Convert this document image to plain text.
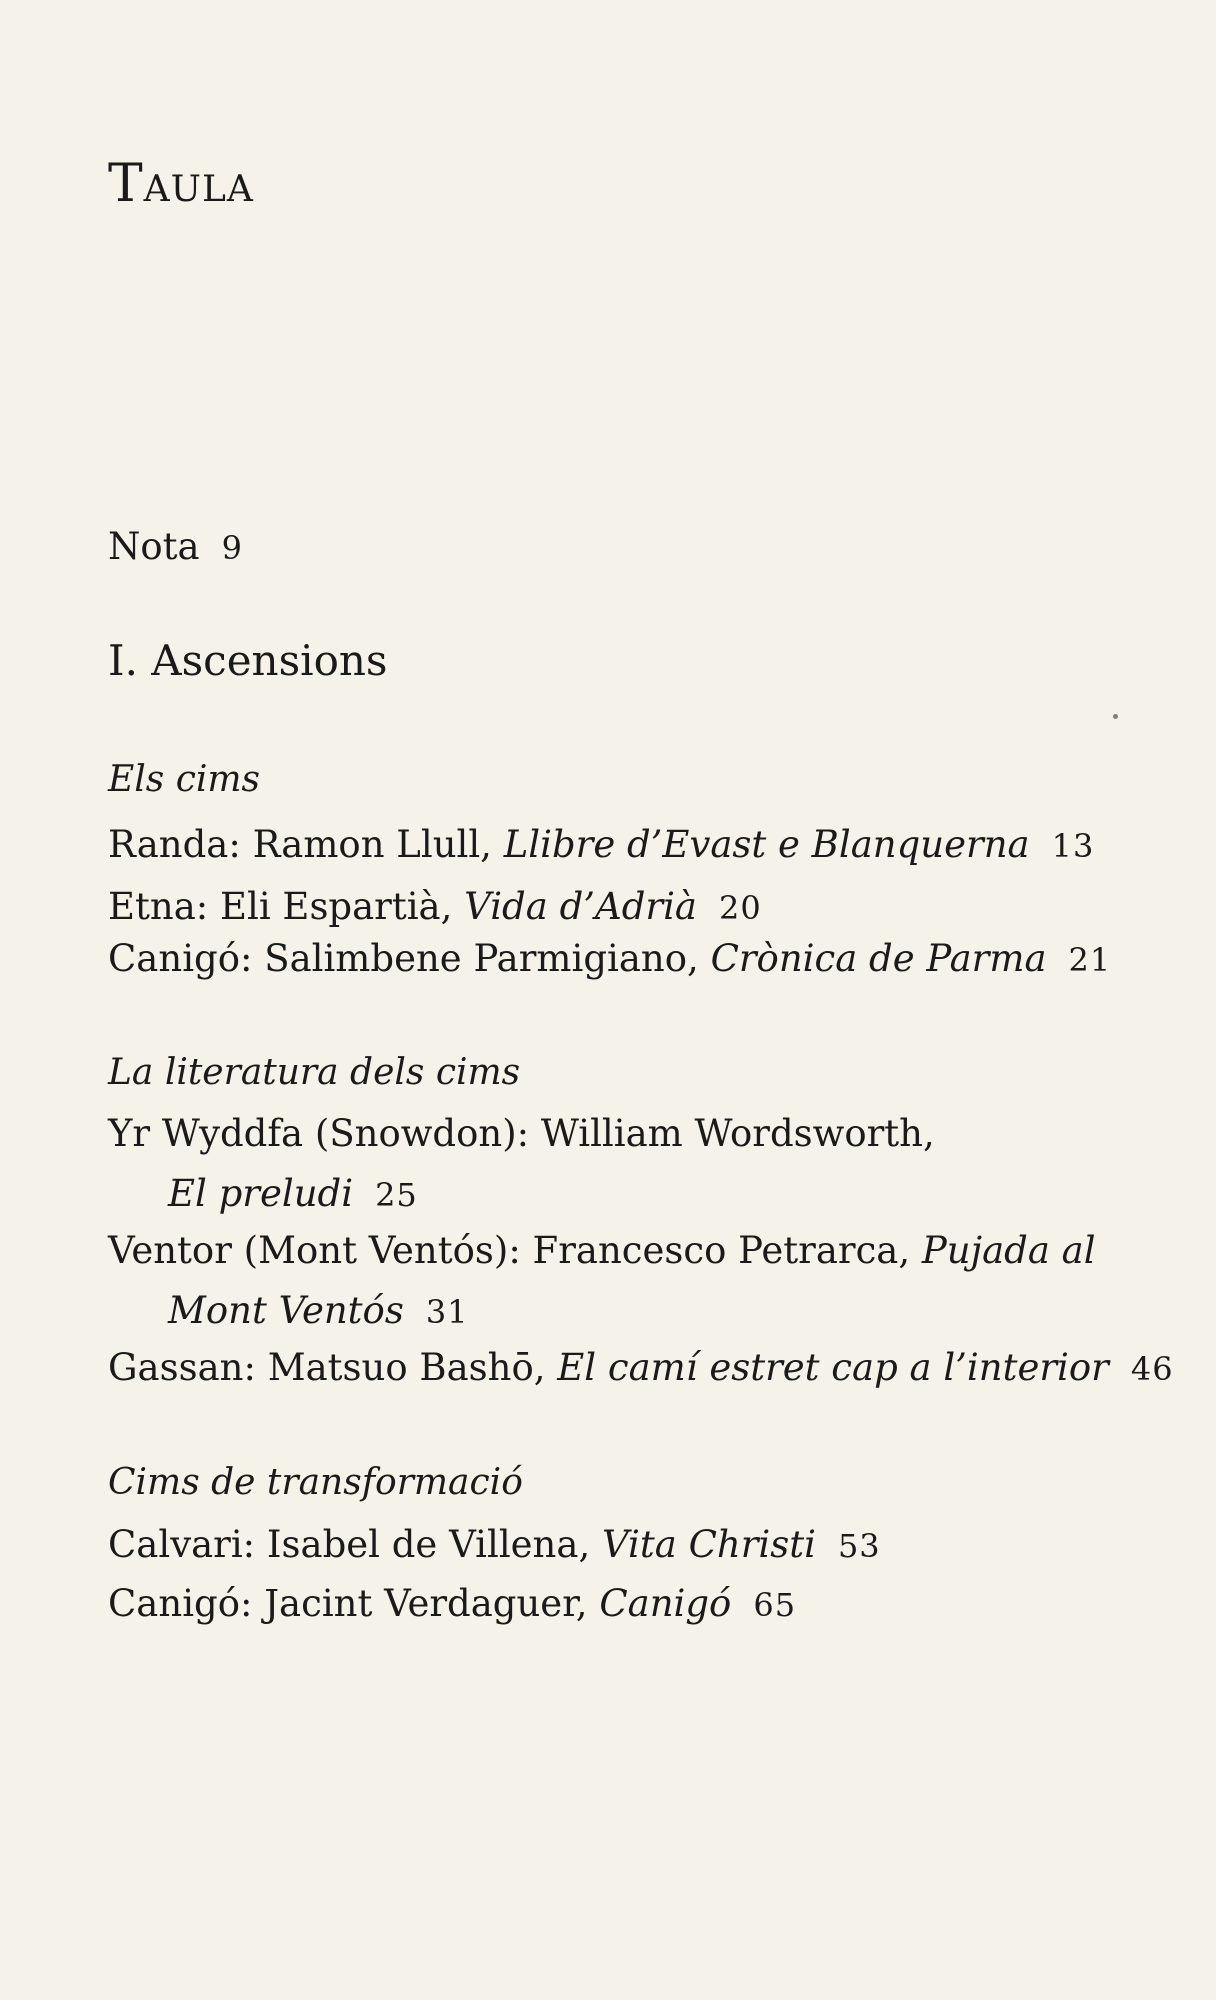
Taula
Nota 9
I. Ascensions
Els cims
Randa: Ramon Llull, Llibre d’Evast e Blanquerna 13
Etna: Eli Espartià, Vida d’Adrià 20
Canigó: Salimbene Parmigiano, Crònica de Parma 21
La literatura dels cims
Yr Wyddfa (Snowdon): William Wordsworth,
El preludi 25
Ventor (Mont Ventós): Francesco Petrarca, Pujada al
Mont Ventós 31
Gassan: Matsuo Bashō, El camí estret cap a l’interior 46
Cims de transformació
Calvari: Isabel de Villena, Vita Christi 53
Canigó: Jacint Verdaguer, Canigó 65
